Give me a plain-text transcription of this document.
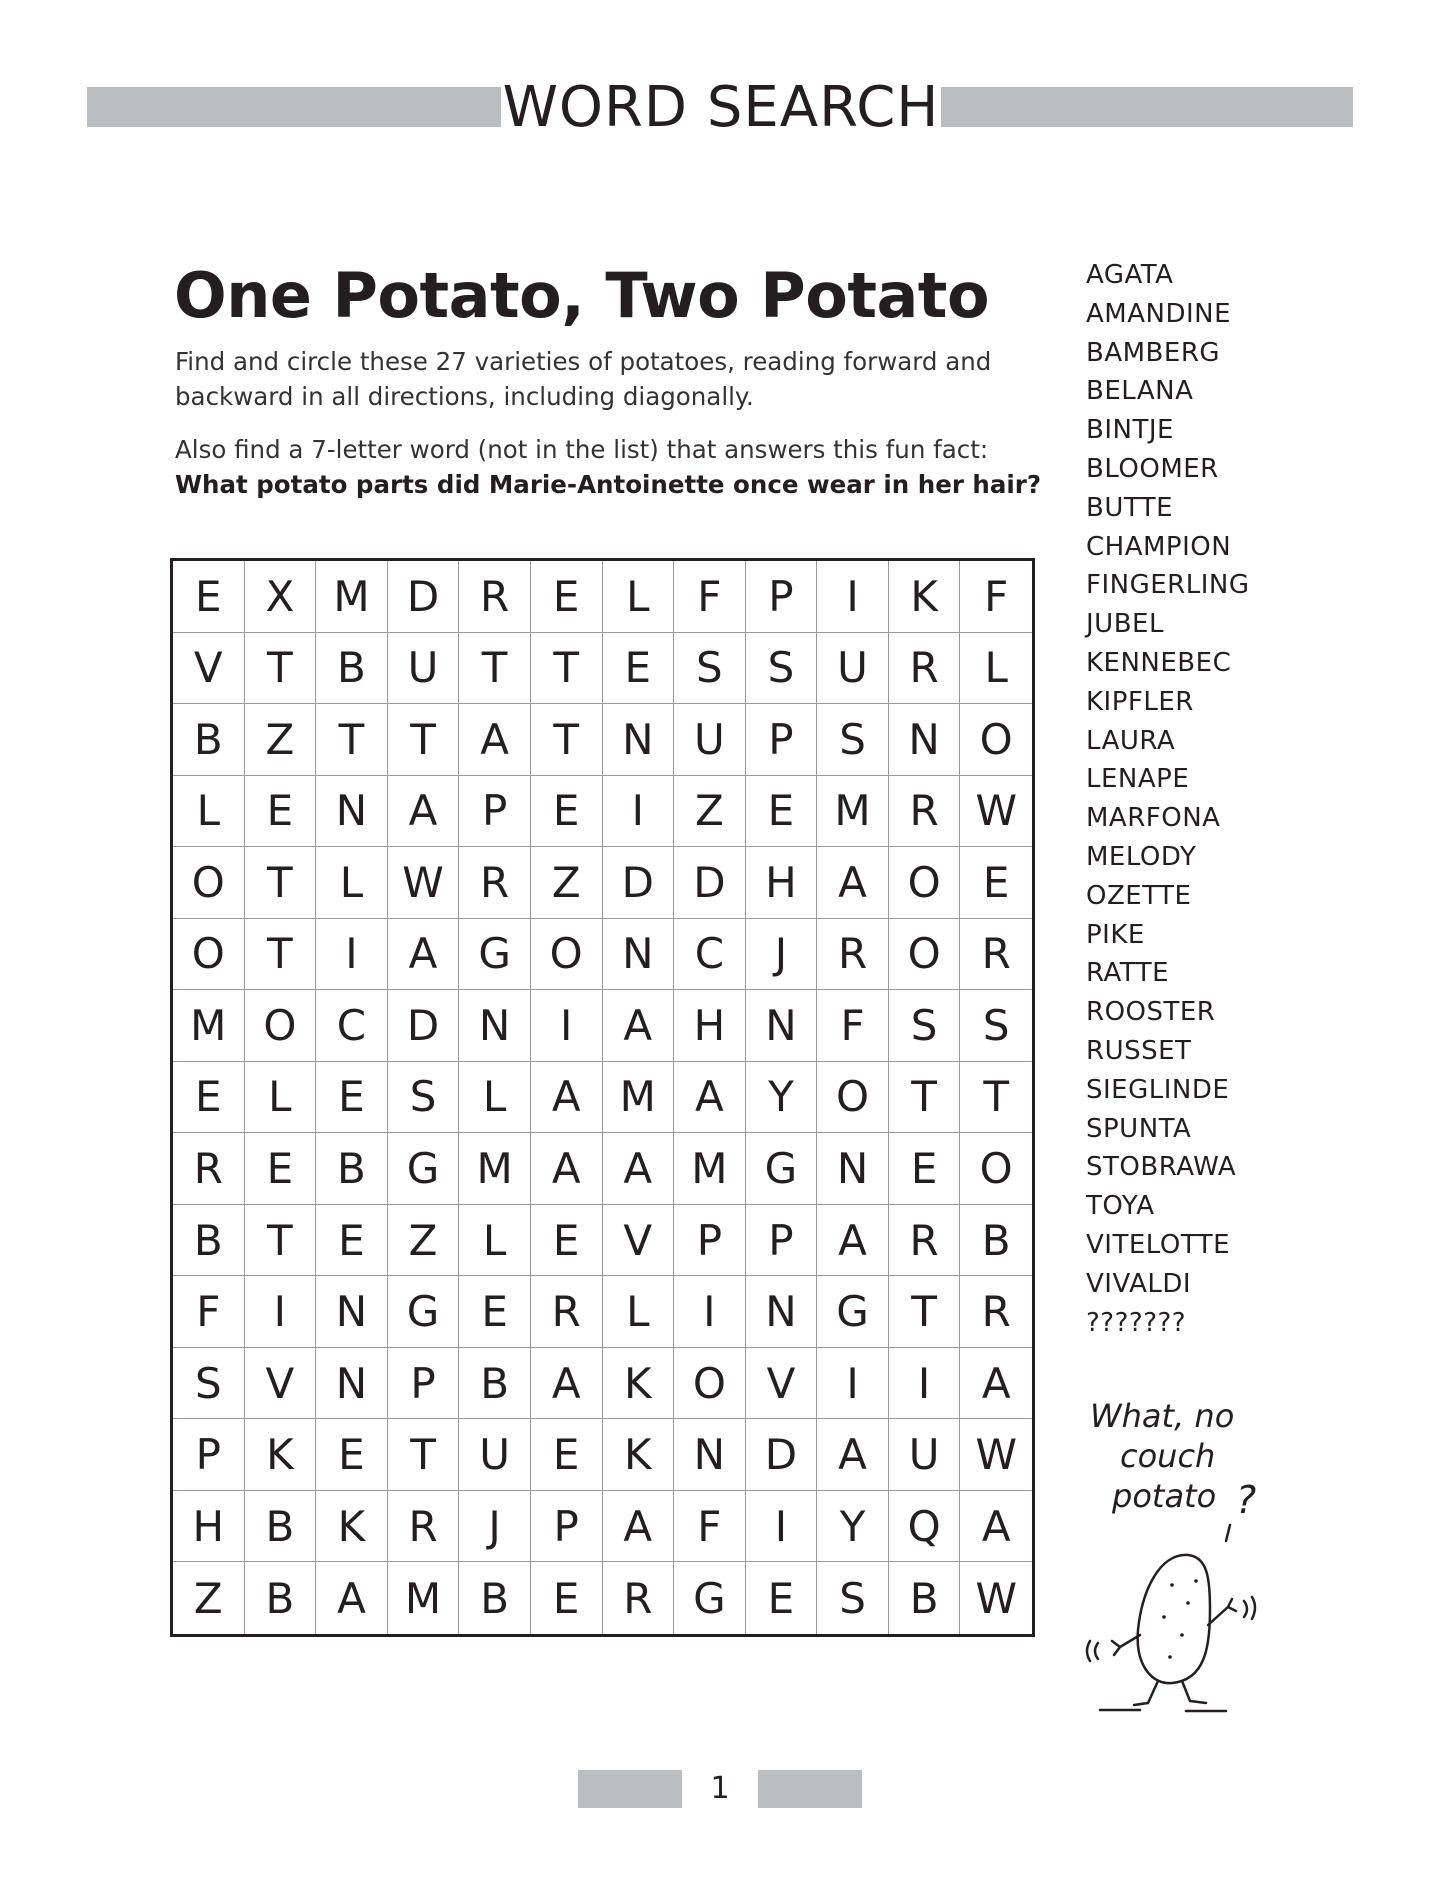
WORD SEARCH
One Potato, Two Potato

Find and circle these 27 varieties of potatoes, reading forward and backward in all directions, including diagonally.

Also find a 7-letter word (not in the list) that answers this fun fact:
What potato parts did Marie-Antoinette once wear in her hair?

E	X M D R	E	L	F	P	I	K	F
V	T	B U	T	T	E	S	S	U R	L
B	Z	T	T	A	T	N U	P	S	N O
L	E	N A	P	E	I	Z	E M R W
O	T	L W R	Z D D H A O	E
O	T	I	A G O N C	J	R O R
M O C D N	I	A H N	F	S	S
E	L	E	S	L	A M A	Y	O	T	T
R	E	B G M A	A M G N	E	O
B	T	E	Z	L	E	V	P	P	A	R	B
F	I	N G	E	R	L	I	N G	T	R
S	V N	P	B	A	K O V	I	I	A
P	K	E	T	U	E	K	N D A U W
H B	K	R	J	P	A	F	I	Y	Q A
Z	B	A M B	E	R G	E	S	B W
AGATA
AMANDINE
BAMBERG
BELANA
BINTJE
BLOOMER
BUTTE
CHAMPION
FINGERLING
JUBEL
KENNEBEC
KIPFLER
LAURA
LENAPE
MARFONA
MELODY
OZETTE
PIKE
RATTE
ROOSTER
RUSSET
SIEGLINDE
SPUNTA
STOBRAWA
TOYA
VITELOTTE
VIVALDI
???????
What, no
couch
potato ?
1
